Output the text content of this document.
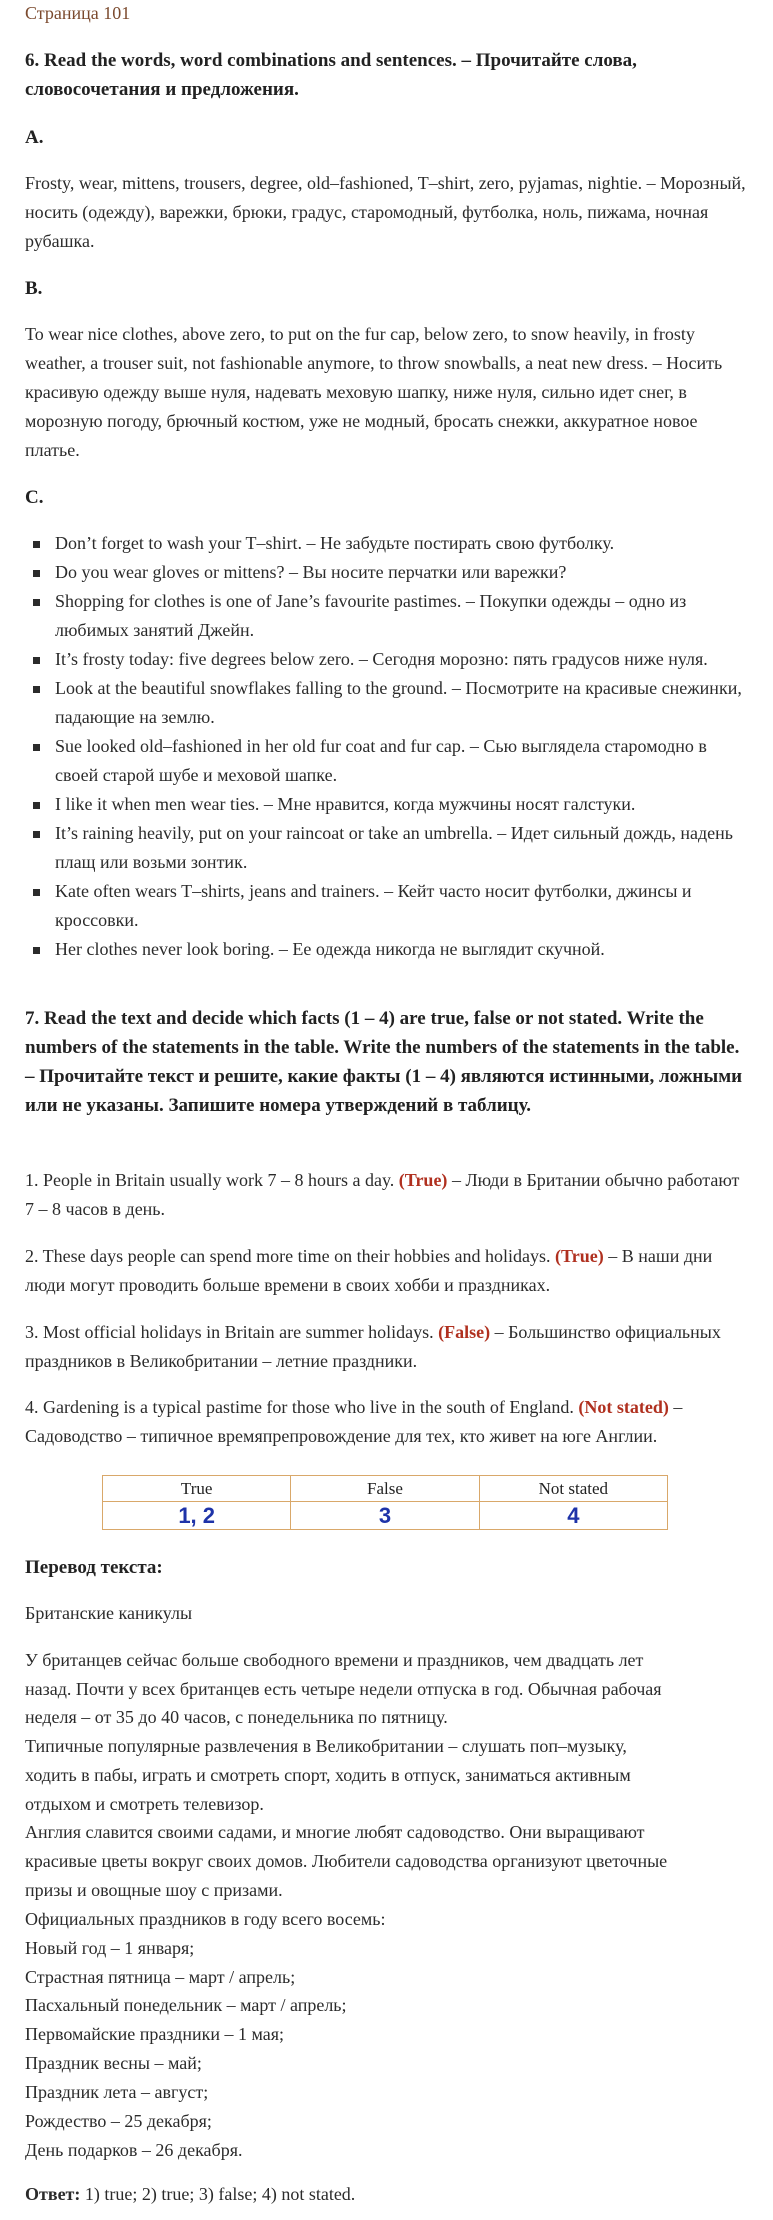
Страница 101
6. Read the words, word combinations and sentences. – Прочитайте слова, словосочетания и предложения.
A.
Frosty, wear, mittens, trousers, degree, old–fashioned, T–shirt, zero, pyjamas, nightie. – Морозный, носить (одежду), варежки, брюки, градус, старомодный, футболка, ноль, пижама, ночная рубашка.
B.
To wear nice clothes, above zero, to put on the fur cap, below zero, to snow heavily, in frosty weather, a trouser suit, not fashionable anymore, to throw snowballs, a neat new dress. – Носить красивую одежду выше нуля, надевать меховую шапку, ниже нуля, сильно идет снег, в морозную погоду, брючный костюм, уже не модный, бросать снежки, аккуратное новое платье.
C.
Don’t forget to wash your T–shirt. – Не забудьте постирать свою футболку.
Do you wear gloves or mittens? – Вы носите перчатки или варежки?
Shopping for clothes is one of Jane’s favourite pastimes. – Покупки одежды – одно из любимых занятий Джейн.
It’s frosty today: five degrees below zero. – Сегодня морозно: пять градусов ниже нуля.
Look at the beautiful snowflakes falling to the ground. – Посмотрите на красивые снежинки, падающие на землю.
Sue looked old–fashioned in her old fur coat and fur cap. – Сью выглядела старомодно в своей старой шубе и меховой шапке.
I like it when men wear ties. – Мне нравится, когда мужчины носят галстуки.
It’s raining heavily, put on your raincoat or take an umbrella. – Идет сильный дождь, надень плащ или возьми зонтик.
Kate often wears T–shirts, jeans and trainers. – Кейт часто носит футболки, джинсы и кроссовки.
Her clothes never look boring. – Ее одежда никогда не выглядит скучной.
7. Read the text and decide which facts (1 – 4) are true, false or not stated. Write the numbers of the statements in the table. Write the numbers of the statements in the table. – Прочитайте текст и решите, какие факты (1 – 4) являются истинными, ложными или не указаны. Запишите номера утверждений в таблицу.
1. People in Britain usually work 7 – 8 hours a day. (True) – Люди в Британии обычно работают 7 – 8 часов в день.
2. These days people can spend more time on their hobbies and holidays. (True) – В наши дни люди могут проводить больше времени в своих хобби и праздниках.
3. Most official holidays in Britain are summer holidays. (False) – Большинство официальных праздников в Великобритании – летние праздники.
4. Gardening is a typical pastime for those who live in the south of England. (Not stated) – Садоводство – типичное времяпрепровождение для тех, кто живет на юге Англии.
True	False	Not stated
1, 2	3	4
Перевод текста:
Британские каникулы
У британцев сейчас больше свободного времени и праздников, чем двадцать лет
назад. Почти у всех британцев есть четыре недели отпуска в год. Обычная рабочая
неделя – от 35 до 40 часов, с понедельника по пятницу.
Типичные популярные развлечения в Великобритании – слушать поп–музыку,
ходить в пабы, играть и смотреть спорт, ходить в отпуск, заниматься активным
отдыхом и смотреть телевизор.
Англия славится своими садами, и многие любят садоводство. Они выращивают
красивые цветы вокруг своих домов. Любители садоводства организуют цветочные
призы и овощные шоу с призами.
Официальных праздников в году всего восемь:
Новый год – 1 января;
Страстная пятница – март / апрель;
Пасхальный понедельник – март / апрель;
Первомайские праздники – 1 мая;
Праздник весны – май;
Праздник лета – август;
Рождество – 25 декабря;
День подарков – 26 декабря.
Ответ: 1) true; 2) true; 3) false; 4) not stated.
